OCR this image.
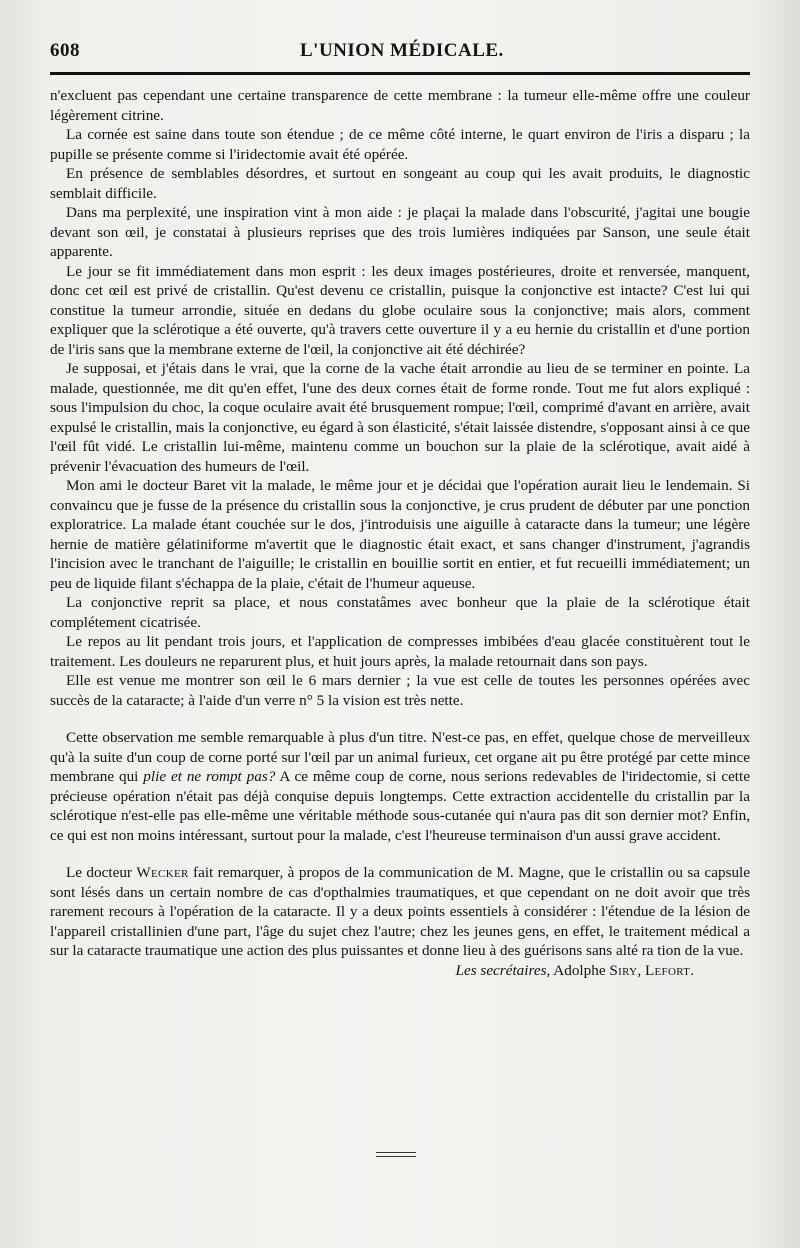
608	L'UNION MÉDICALE.

n'excluent pas cependant une certaine transparence de cette membrane : la tumeur elle-même offre une couleur légèrement citrine.

La cornée est saine dans toute son étendue ; de ce même côté interne, le quart environ de l'iris a disparu ; la pupille se présente comme si l'iridectomie avait été opérée.

En présence de semblables désordres, et surtout en songeant au coup qui les avait produits, le diagnostic semblait difficile.

Dans ma perplexité, une inspiration vint à mon aide : je plaçai la malade dans l'obscurité, j'agitai une bougie devant son œil, je constatai à plusieurs reprises que des trois lumières indiquées par Sanson, une seule était apparente.

Le jour se fit immédiatement dans mon esprit : les deux images postérieures, droite et renversée, manquent, donc cet œil est privé de cristallin. Qu'est devenu ce cristallin, puisque la conjonctive est intacte? C'est lui qui constitue la tumeur arrondie, située en dedans du globe oculaire sous la conjonctive; mais alors, comment expliquer que la sclérotique a été ouverte, qu'à travers cette ouverture il y a eu hernie du cristallin et d'une portion de l'iris sans que la membrane externe de l'œil, la conjonctive ait été déchirée?

Je supposai, et j'étais dans le vrai, que la corne de la vache était arrondie au lieu de se terminer en pointe. La malade, questionnée, me dit qu'en effet, l'une des deux cornes était de forme ronde. Tout me fut alors expliqué : sous l'impulsion du choc, la coque oculaire avait été brusquement rompue; l'œil, comprimé d'avant en arrière, avait expulsé le cristallin, mais la conjonctive, eu égard à son élasticité, s'était laissée distendre, s'opposant ainsi à ce que l'œil fût vidé. Le cristallin lui-même, maintenu comme un bouchon sur la plaie de la sclérotique, avait aidé à prévenir l'évacuation des humeurs de l'œil.

Mon ami le docteur Baret vit la malade, le même jour et je décidai que l'opération aurait lieu le lendemain. Si convaincu que je fusse de la présence du cristallin sous la conjonctive, je crus prudent de débuter par une ponction exploratrice. La malade étant couchée sur le dos, j'introduisis une aiguille à cataracte dans la tumeur; une légère hernie de matière gélatiniforme m'avertit que le diagnostic était exact, et sans changer d'instrument, j'agrandis l'incision avec le tranchant de l'aiguille; le cristallin en bouillie sortit en entier, et fut recueilli immédiatement; un peu de liquide filant s'échappa de la plaie, c'était de l'humeur aqueuse.

La conjonctive reprit sa place, et nous constatâmes avec bonheur que la plaie de la sclérotique était complétement cicatrisée.

Le repos au lit pendant trois jours, et l'application de compresses imbibées d'eau glacée constituèrent tout le traitement. Les douleurs ne reparurent plus, et huit jours après, la malade retournait dans son pays.

Elle est venue me montrer son œil le 6 mars dernier ; la vue est celle de toutes les personnes opérées avec succès de la cataracte; à l'aide d'un verre n° 5 la vision est très nette.

Cette observation me semble remarquable à plus d'un titre. N'est-ce pas, en effet, quelque chose de merveilleux qu'à la suite d'un coup de corne porté sur l'œil par un animal furieux, cet organe ait pu être protégé par cette mince membrane qui plie et ne rompt pas? A ce même coup de corne, nous serions redevables de l'iridectomie, si cette précieuse opération n'était pas déjà conquise depuis longtemps. Cette extraction accidentelle du cristallin par la sclérotique n'est-elle pas elle-même une véritable méthode sous-cutanée qui n'aura pas dit son dernier mot? Enfin, ce qui est non moins intéressant, surtout pour la malade, c'est l'heureuse terminaison d'un aussi grave accident.

Le docteur Wecker fait remarquer, à propos de la communication de M. Magne, que le cristallin ou sa capsule sont lésés dans un certain nombre de cas d'opthalmies traumatiques, et que cependant on ne doit avoir que très rarement recours à l'opération de la cataracte. Il y a deux points essentiels à considérer : l'étendue de la lésion de l'appareil cristallinien d'une part, l'âge du sujet chez l'autre; chez les jeunes gens, en effet, le traitement médical a sur la cataracte traumatique une action des plus puissantes et donne lieu à des guérisons sans alté ra tion de la vue.

Les secrétaires, Adolphe Siry, Lefort.
